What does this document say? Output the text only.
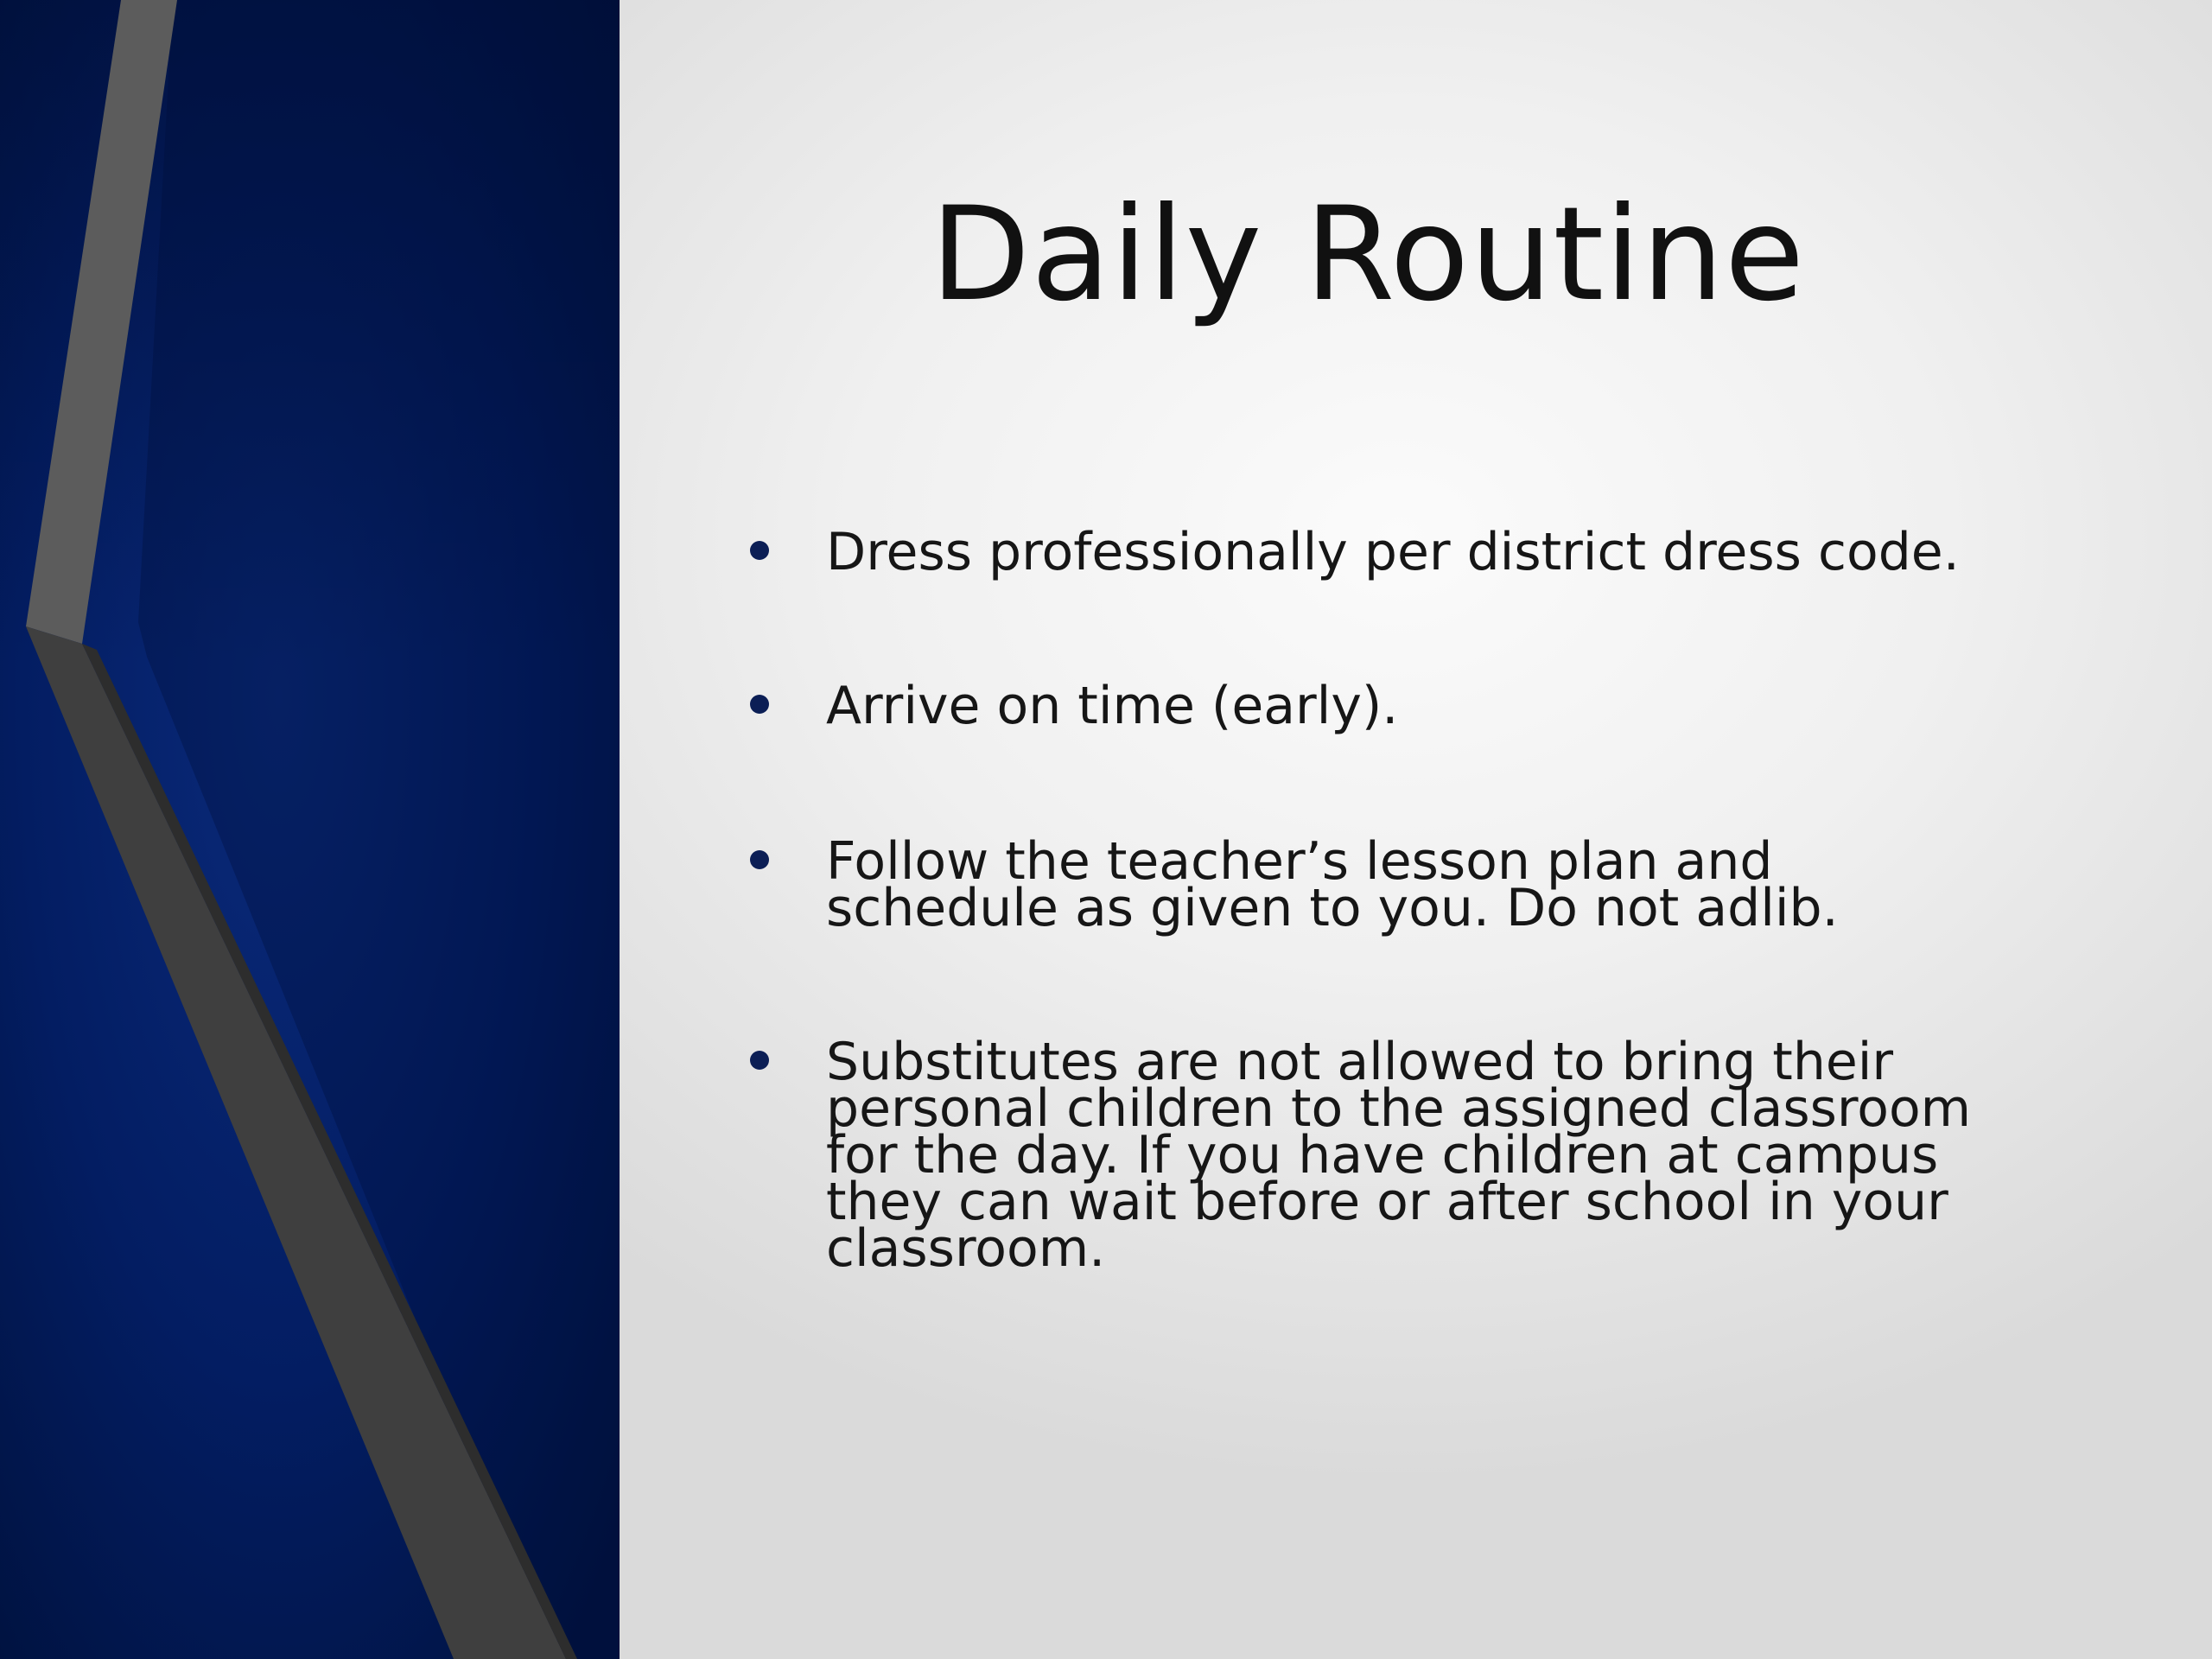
Daily Routine
Dress professionally per district dress code.
Arrive on time (early).
Follow the teacher’s lesson plan and
schedule as given to you. Do not adlib.
Substitutes are not allowed to bring their
personal children to the assigned classroom
for the day. If you have children at campus
they can wait before or after school in your
classroom.
